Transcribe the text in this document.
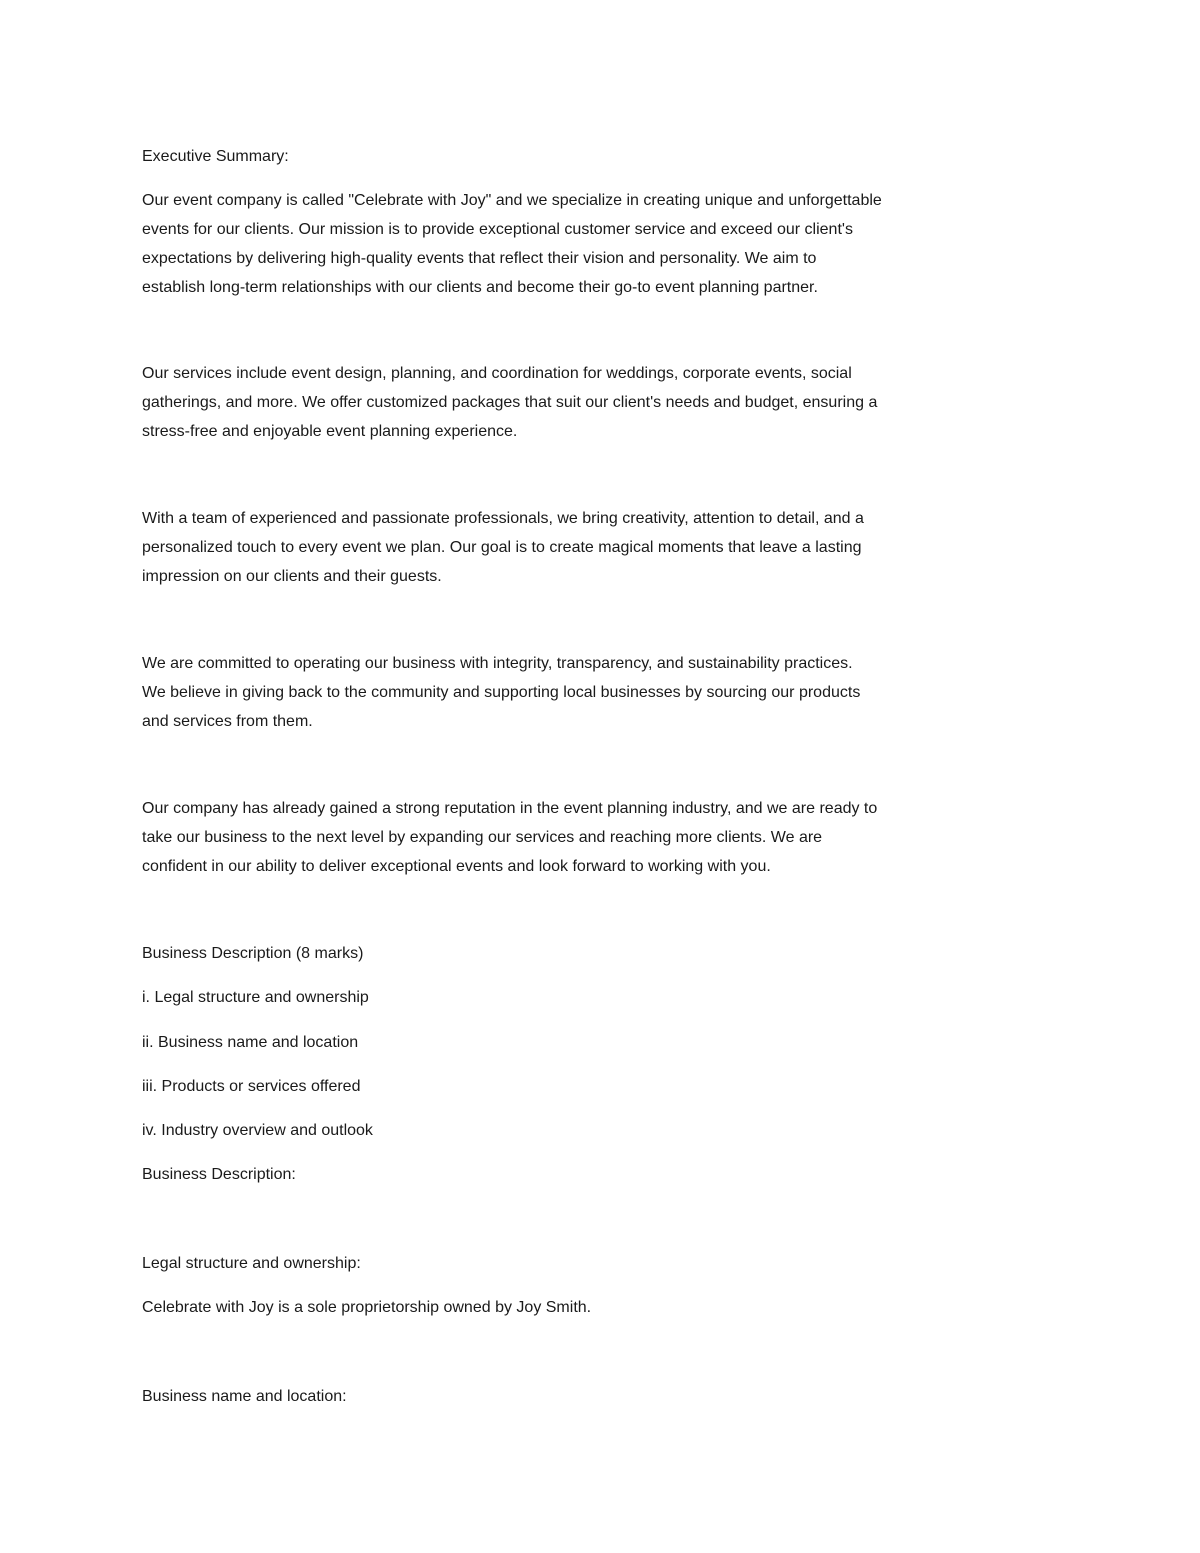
Executive Summary:
Our event company is called "Celebrate with Joy" and we specialize in creating unique and unforgettable
events for our clients. Our mission is to provide exceptional customer service and exceed our client's
expectations by delivering high-quality events that reflect their vision and personality. We aim to
establish long-term relationships with our clients and become their go-to event planning partner.
Our services include event design, planning, and coordination for weddings, corporate events, social
gatherings, and more. We offer customized packages that suit our client's needs and budget, ensuring a
stress-free and enjoyable event planning experience.
With a team of experienced and passionate professionals, we bring creativity, attention to detail, and a
personalized touch to every event we plan. Our goal is to create magical moments that leave a lasting
impression on our clients and their guests.
We are committed to operating our business with integrity, transparency, and sustainability practices.
We believe in giving back to the community and supporting local businesses by sourcing our products
and services from them.
Our company has already gained a strong reputation in the event planning industry, and we are ready to
take our business to the next level by expanding our services and reaching more clients. We are
confident in our ability to deliver exceptional events and look forward to working with you.
Business Description (8 marks)
i. Legal structure and ownership
ii. Business name and location
iii. Products or services offered
iv. Industry overview and outlook
Business Description:
Legal structure and ownership:
Celebrate with Joy is a sole proprietorship owned by Joy Smith.
Business name and location:
